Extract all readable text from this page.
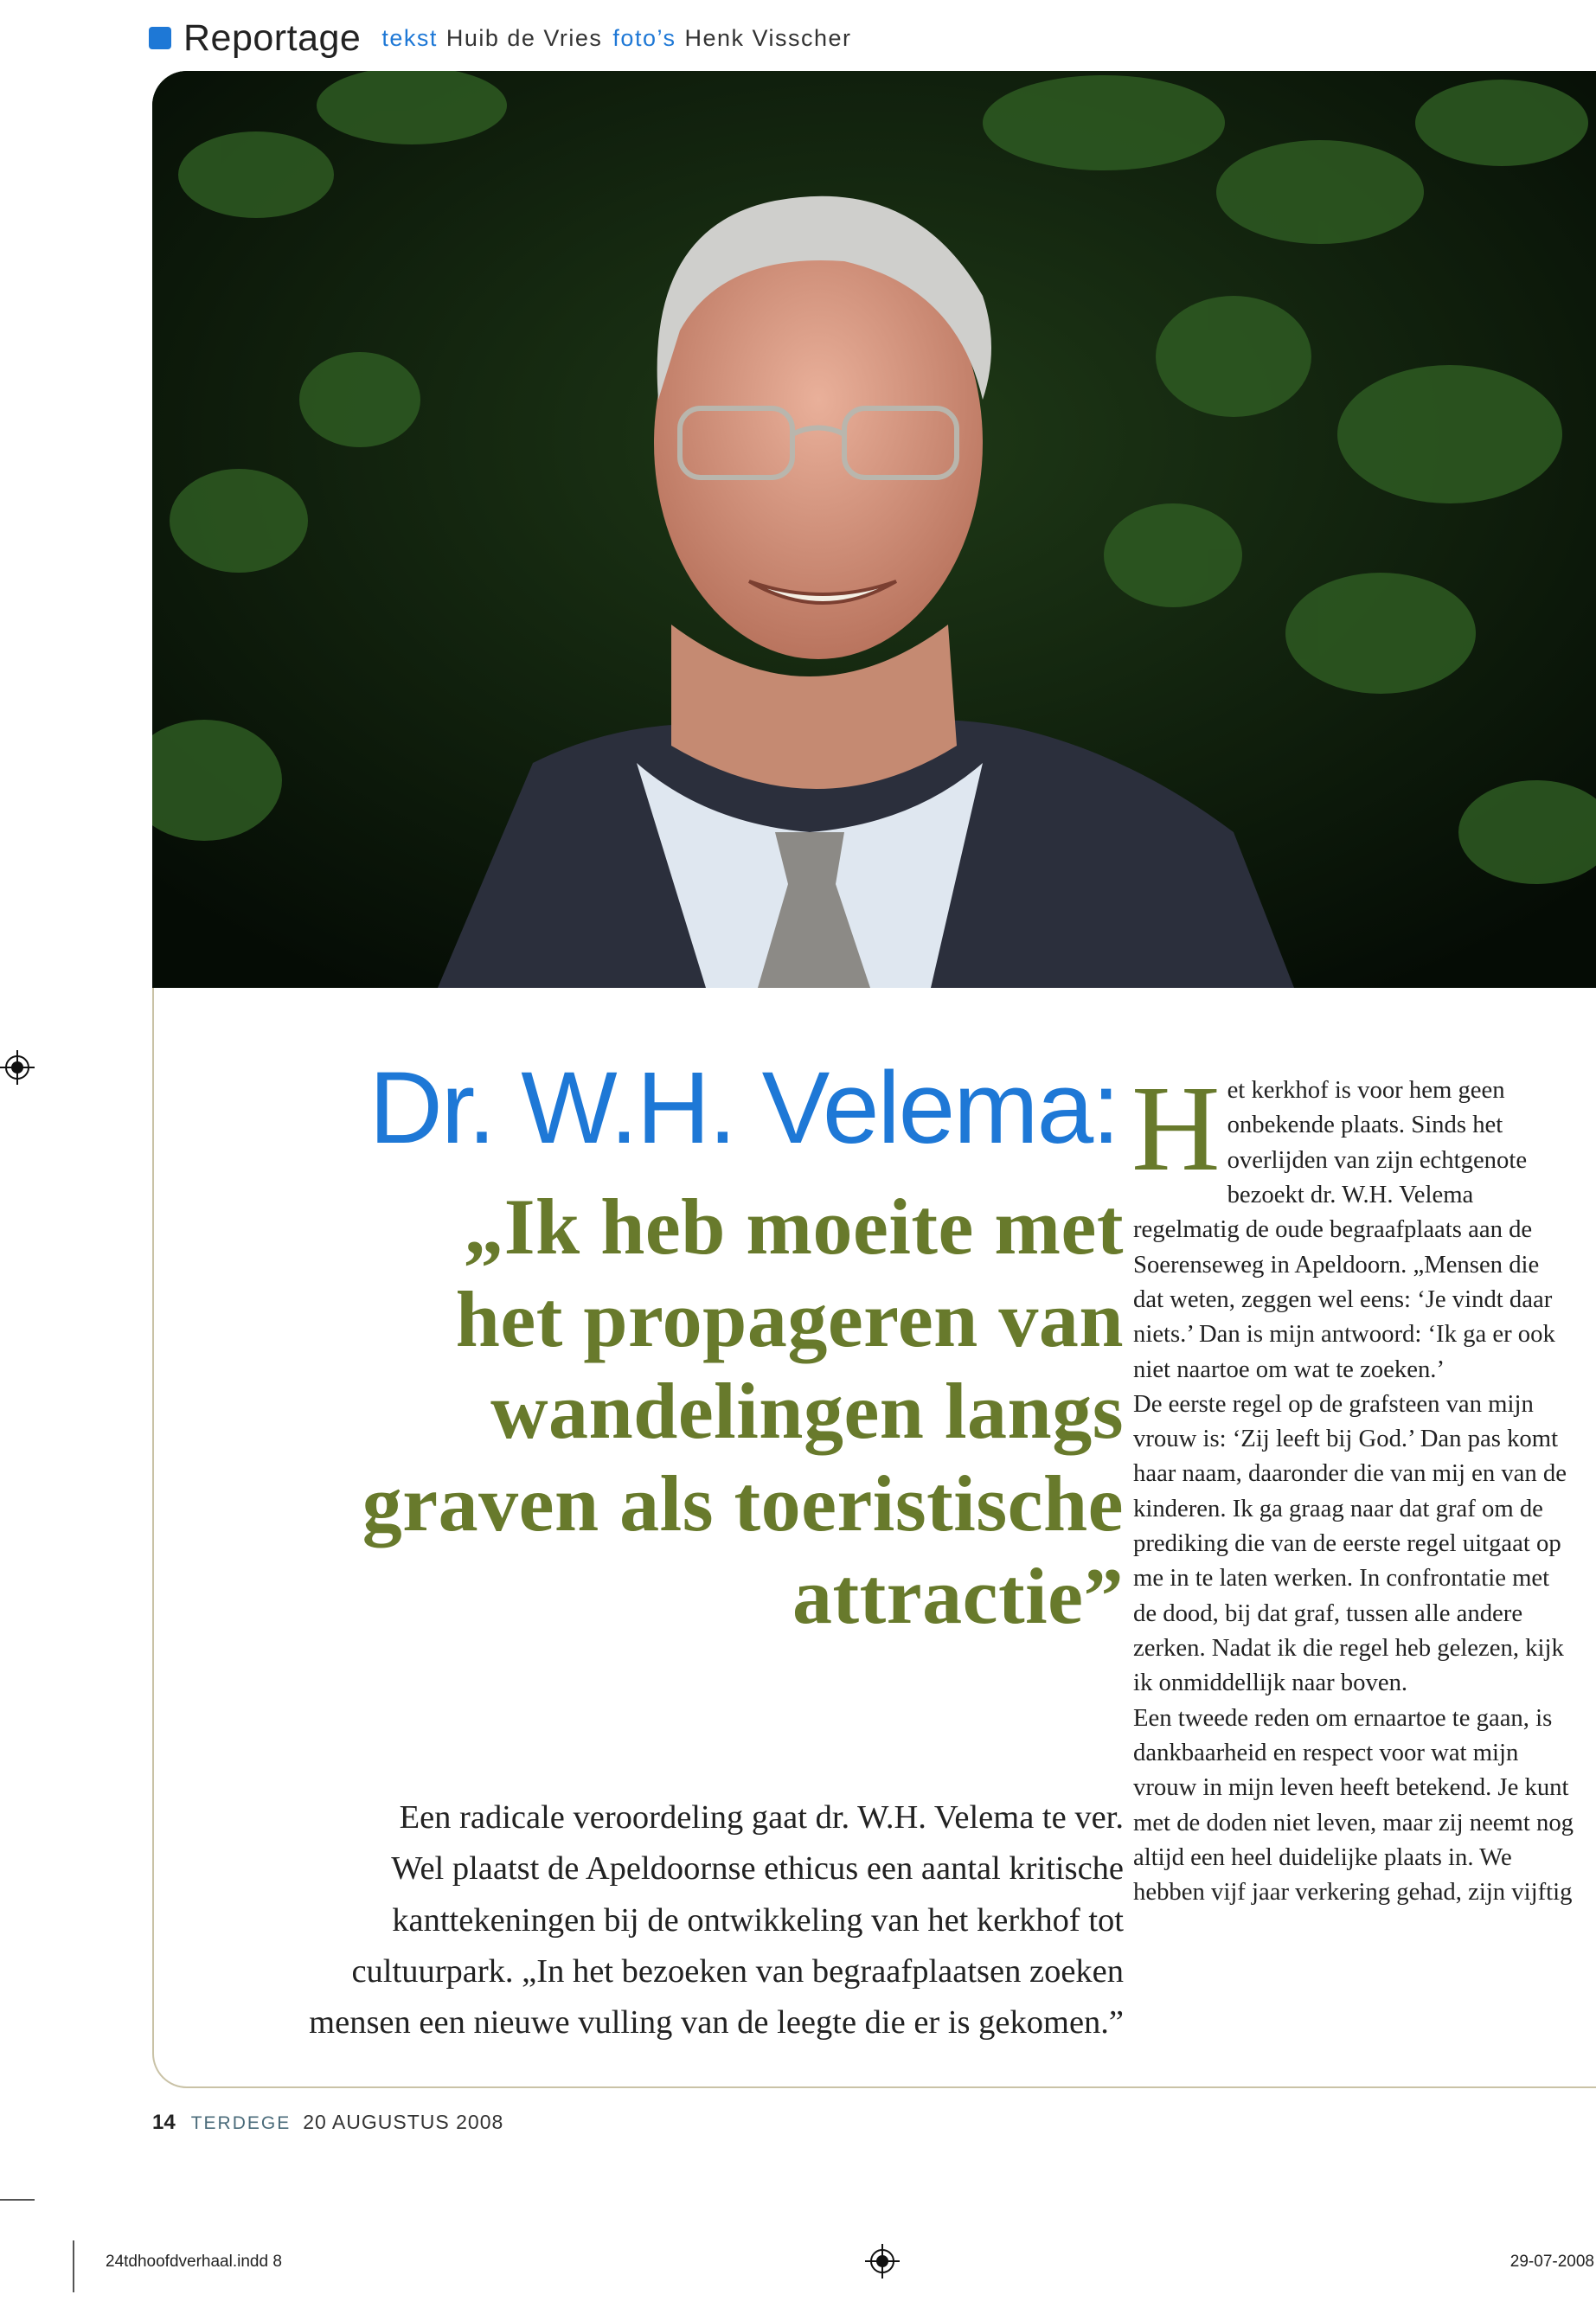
Reportage tekst Huib de Vries foto’s Henk Visscher
Dr. W.H. Velema:
„Ik heb moeite met
het propageren van
wandelingen langs
graven als toeristische
attractie”
Een radicale veroordeling gaat dr. W.H. Velema te ver.
Wel plaatst de Apeldoornse ethicus een aantal kritische
kanttekeningen bij de ontwikkeling van het kerkhof tot
cultuurpark. „In het bezoeken van begraafplaatsen zoeken
mensen een nieuwe vulling van de leegte die er is gekomen.”
H et kerkhof is voor hem geen onbekende plaats. Sinds het overlijden van zijn echtgenote bezoekt dr. W.H. Velema regelmatig de oude begraafplaats aan de Soerenseweg in Apeldoorn. „Mensen die dat weten, zeggen wel eens: ‘Je vindt daar niets.’ Dan is mijn antwoord: ‘Ik ga er ook niet naartoe om wat te zoeken.’

De eerste regel op de grafsteen van mijn vrouw is: ‘Zij leeft bij God.’ Dan pas komt haar naam, daaronder die van mij en van de kinderen. Ik ga graag naar dat graf om de prediking die van de eerste regel uitgaat op me in te laten werken. In confrontatie met de dood, bij dat graf, tussen alle andere zerken. Nadat ik die regel heb gelezen, kijk ik onmiddellijk naar boven.

Een tweede reden om ernaartoe te gaan, is dankbaarheid en respect voor wat mijn vrouw in mijn leven heeft betekend. Je kunt met de doden niet leven, maar zij neemt nog altijd een heel duidelijke plaats in. We hebben vijf jaar verkering gehad, zijn vijftig

14 TERDEGE 20 AUGUSTUS 2008
24tdhoofdverhaal.indd 8	29-07-2008
